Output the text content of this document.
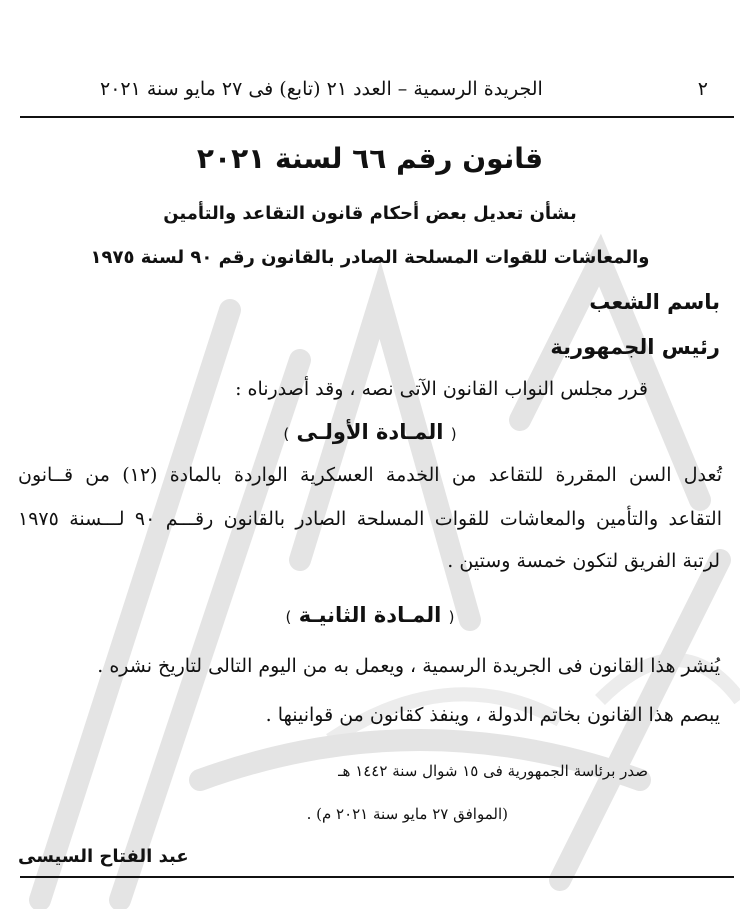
٢
الجريدة الرسمية – العدد ٢١ (تابع) فى ٢٧ مايو سنة ٢٠٢١
قانون رقم ٦٦ لسنة ٢٠٢١
بشأن تعديل بعض أحكام قانون التقاعد والتأمين
والمعاشات للقوات المسلحة الصادر بالقانون رقم ٩٠ لسنة ١٩٧٥
باسم الشعب
رئيس الجمهورية
قرر مجلس النواب القانون الآتى نصه ، وقد أصدرناه :
( المـادة الأولـى )
تُعدل السن المقررة للتقاعد من الخدمة العسكرية الواردة بالمادة (١٢) من قــانون
التقاعد والتأمين والمعاشات للقوات المسلحة الصادر بالقانون رقـــم ٩٠ لـــسنة ١٩٧٥
لرتبة الفريق لتكون خمسة وستين .
( المـادة الثانيـة )
يُنشر هذا القانون فى الجريدة الرسمية ، ويعمل به من اليوم التالى لتاريخ نشره .
يبصم هذا القانون بخاتم الدولة ، وينفذ كقانون من قوانينها .
صدر برئاسة الجمهورية فى ١٥ شوال سنة ١٤٤٢ هـ
(الموافق ٢٧ مايو سنة ٢٠٢١ م) .
عبد الفتاح السيسى
